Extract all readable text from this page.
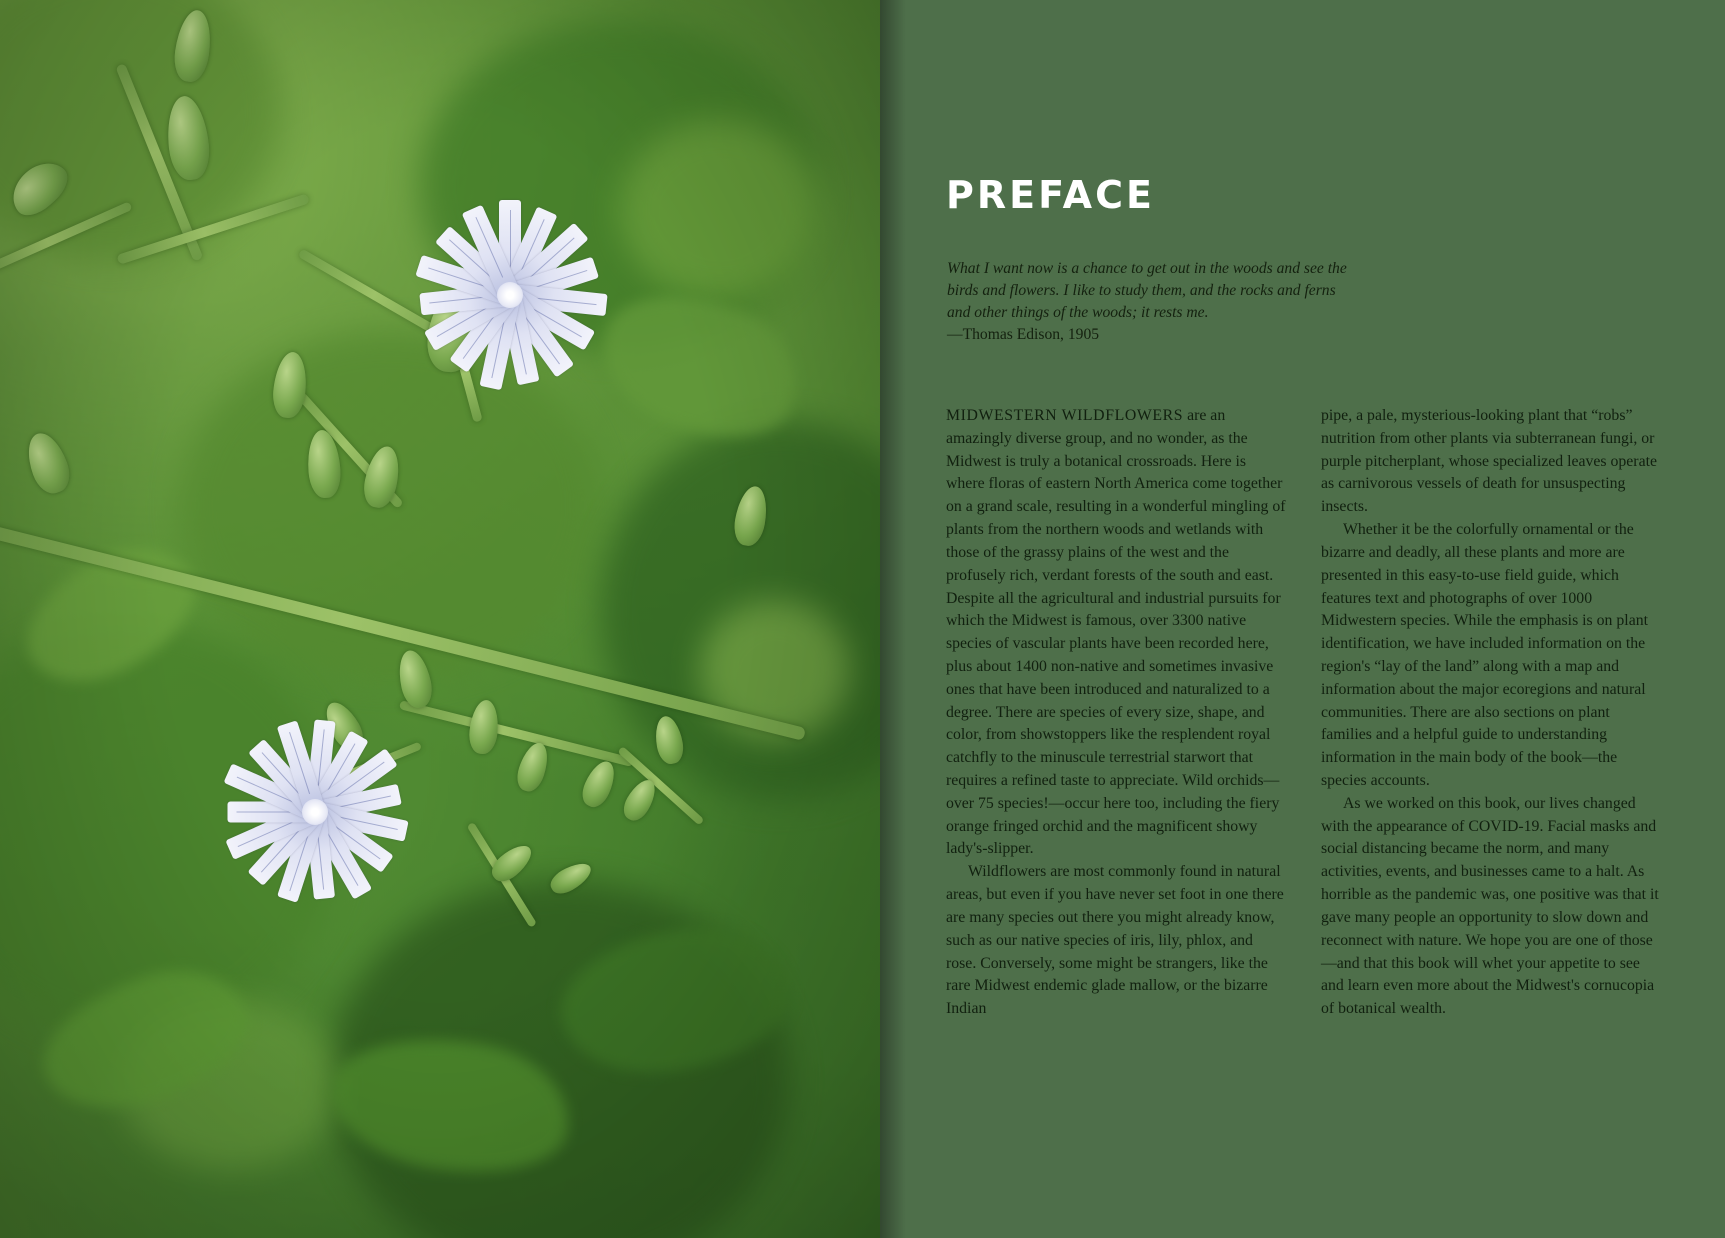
PREFACE
What I want now is a chance to get out in the woods and see the birds and flowers. I like to study them, and the rocks and ferns and other things of the woods; it rests me.
—Thomas Edison, 1905

MIDWESTERN WILDFLOWERS are an amazingly diverse group, and no wonder, as the Midwest is truly a botanical crossroads. Here is where floras of eastern North America come together on a grand scale, resulting in a wonderful mingling of plants from the northern woods and wetlands with those of the grassy plains of the west and the profusely rich, verdant forests of the south and east. Despite all the agricultural and industrial pursuits for which the Midwest is famous, over 3300 native species of vascular plants have been recorded here, plus about 1400 non-native and sometimes invasive ones that have been introduced and naturalized to a degree. There are species of every size, shape, and color, from showstoppers like the resplendent royal catchfly to the minuscule terrestrial starwort that requires a refined taste to appreciate. Wild orchids—over 75 species!—occur here too, including the fiery orange fringed orchid and the magnificent showy lady's-slipper.

Wildflowers are most commonly found in natural areas, but even if you have never set foot in one there are many species out there you might already know, such as our native species of iris, lily, phlox, and rose. Conversely, some might be strangers, like the rare Midwest endemic glade mallow, or the bizarre Indian

pipe, a pale, mysterious-looking plant that “robs” nutrition from other plants via subterranean fungi, or purple pitcherplant, whose specialized leaves operate as carnivorous vessels of death for unsuspecting insects.

Whether it be the colorfully ornamental or the bizarre and deadly, all these plants and more are presented in this easy-to-use field guide, which features text and photographs of over 1000 Midwestern species. While the emphasis is on plant identification, we have included information on the region's “lay of the land” along with a map and information about the major ecoregions and natural communities. There are also sections on plant families and a helpful guide to understanding information in the main body of the book—the species accounts.

As we worked on this book, our lives changed with the appearance of COVID-19. Facial masks and social distancing became the norm, and many activities, events, and businesses came to a halt. As horrible as the pandemic was, one positive was that it gave many people an opportunity to slow down and reconnect with nature. We hope you are one of those—and that this book will whet your appetite to see and learn even more about the Midwest's cornucopia of botanical wealth.
